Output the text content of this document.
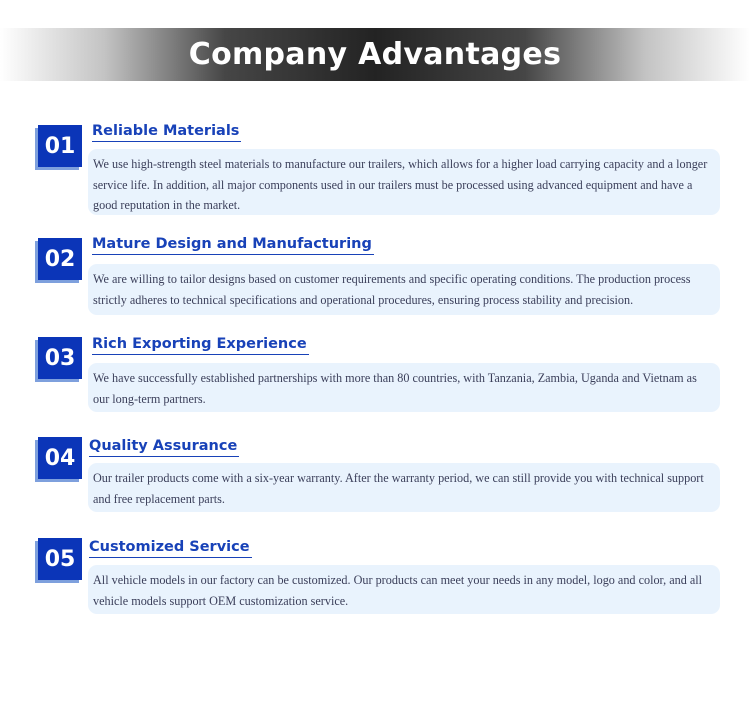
Company Advantages
01
Reliable Materials
We use high-strength steel materials to manufacture our trailers, which allows for a higher load carrying capacity and a longer service life. In addition, all major components used in our trailers must be processed using advanced equipment and have a good reputation in the market.
02
Mature Design and Manufacturing
We are willing to tailor designs based on customer requirements and specific operating conditions. The production process strictly adheres to technical specifications and operational procedures, ensuring process stability and precision.
03
Rich Exporting Experience
We have successfully established partnerships with more than 80 countries, with Tanzania, Zambia, Uganda and Vietnam as our long-term partners.
04 Quality Assurance
Our trailer products come with a six-year warranty. After the warranty period, we can still provide you with technical support and free replacement parts.
05 Customized Service
All vehicle models in our factory can be customized. Our products can meet your needs in any model, logo and color, and all vehicle models support OEM customization service.
